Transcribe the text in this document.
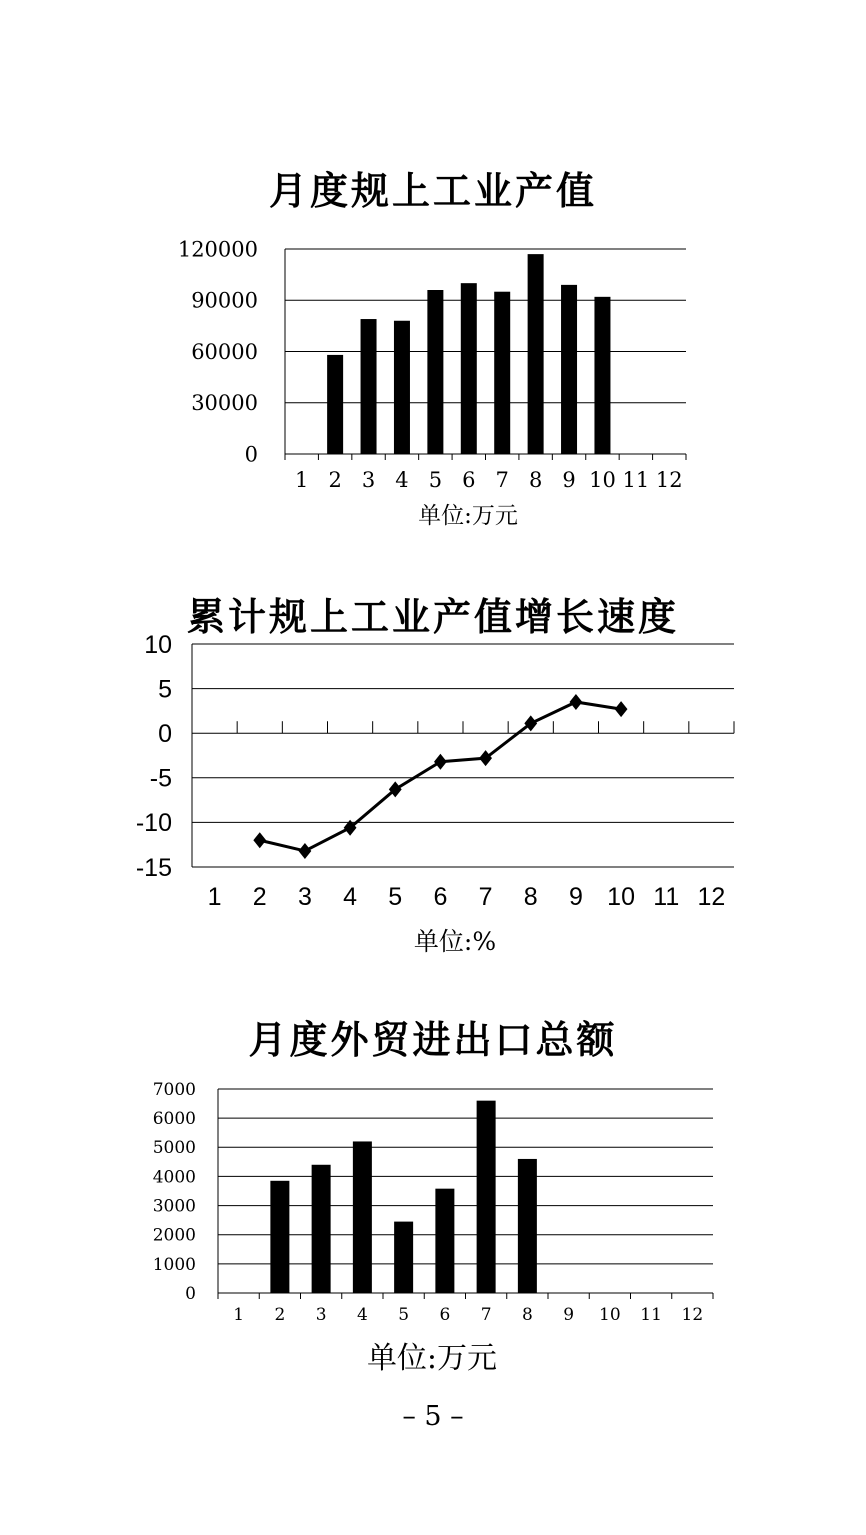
月度规上工业产值
0
30000
60000
90000
120000
1 2 3 4 5 6 7 8 9 10 11 12
单位:万元
累计规上工业产值增长速度
10
5
0
-5
-10
-15
1 2 3 4 5 6 7 8 9 10 11 12
单位:%
月度外贸进出口总额
0
1000
2000
3000
4000
5000
6000
7000
1 2 3 4 5 6 7 8 9 10 11 12
单位:万元
– 5 –
